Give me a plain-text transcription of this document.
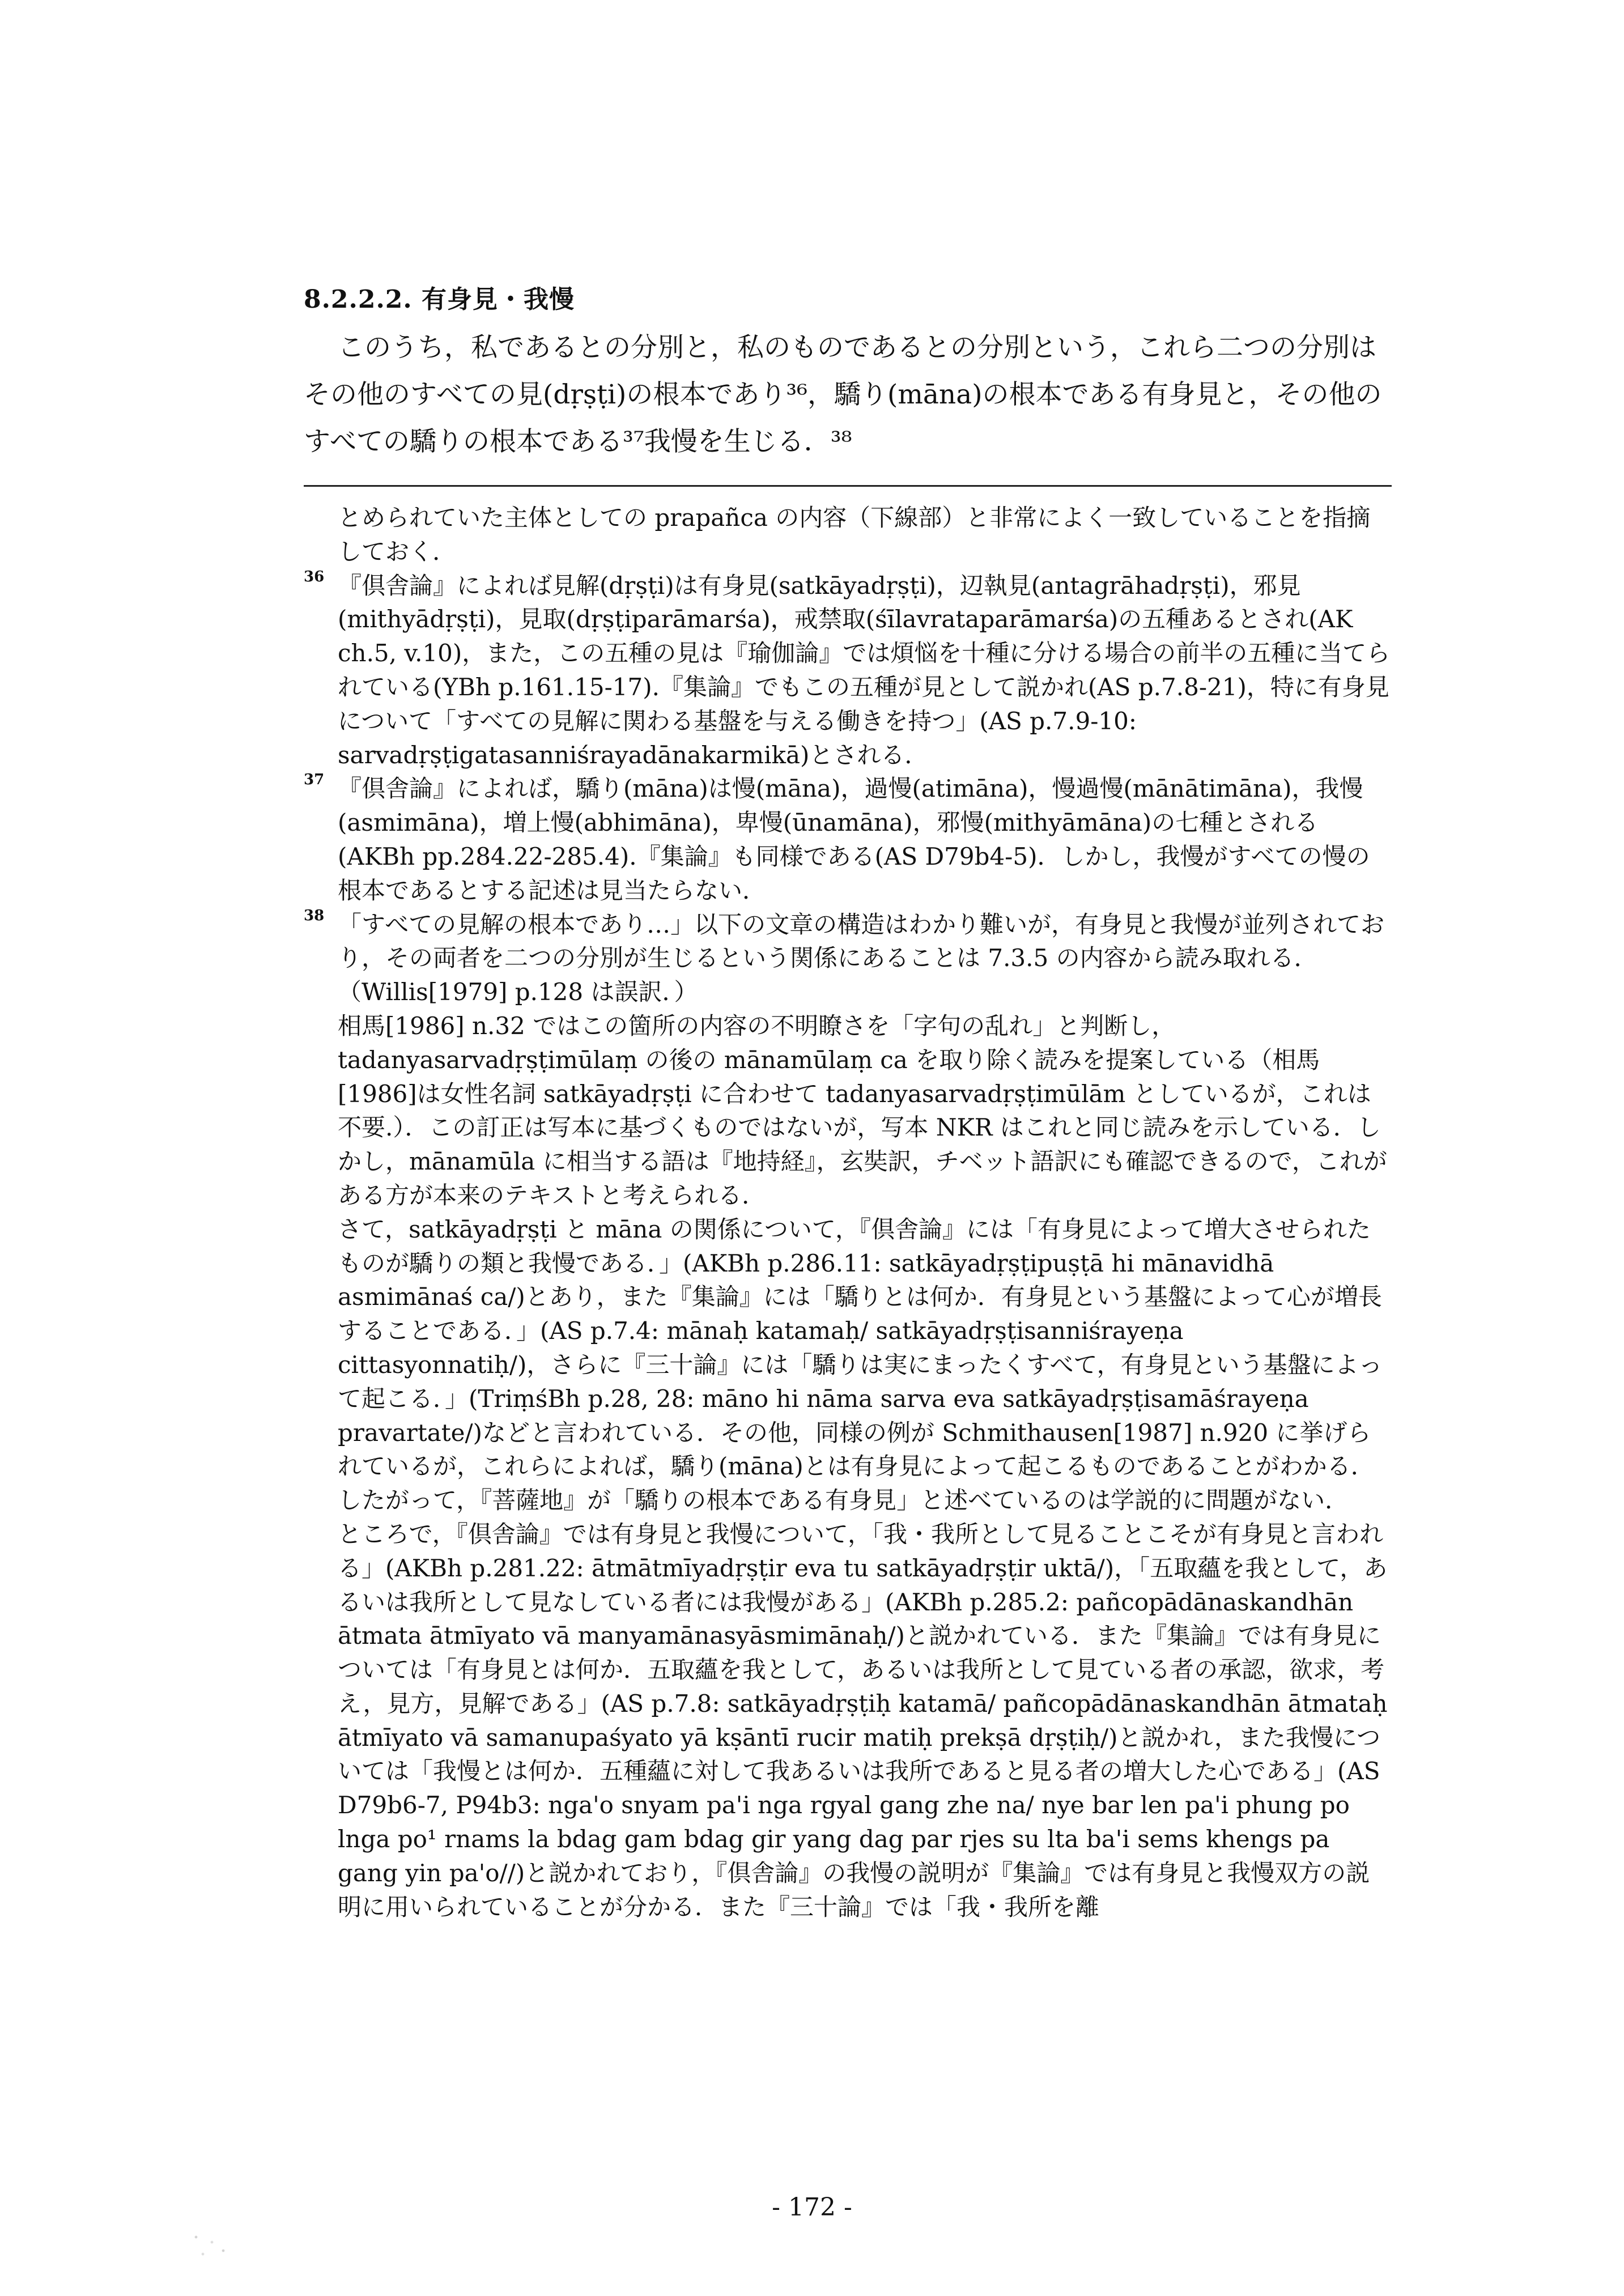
8.2.2.2. 有身見・我慢

このうち，私であるとの分別と，私のものであるとの分別という，これら二つの分別はその他のすべての見(dṛṣṭi)の根本であり³⁶，驕り(māna)の根本である有身見と，その他のすべての驕りの根本である³⁷我慢を生じる．³⁸

とめられていた主体としての prapañca の内容（下線部）と非常によく一致していることを指摘しておく．
36 『倶舎論』によれば見解(dṛṣṭi)は有身見(satkāyadṛṣṭi)，辺執見(antagrāhadṛṣṭi)，邪見(mithyādṛṣṭi)，見取(dṛṣṭiparāmarśa)，戒禁取(śīlavrataparāmarśa)の五種あるとされ(AK ch.5, v.10)，また，この五種の見は『瑜伽論』では煩悩を十種に分ける場合の前半の五種に当てられている(YBh p.161.15-17).『集論』でもこの五種が見として説かれ(AS p.7.8-21)，特に有身見について「すべての見解に関わる基盤を与える働きを持つ」(AS p.7.9-10: sarvadṛṣṭigatasanniśrayadānakarmikā)とされる．
37 『倶舎論』によれば，驕り(māna)は慢(māna)，過慢(atimāna)，慢過慢(mānātimāna)，我慢(asmimāna)，増上慢(abhimāna)，卑慢(ūnamāna)，邪慢(mithyāmāna)の七種とされる(AKBh pp.284.22-285.4).『集論』も同様である(AS D79b4-5)．しかし，我慢がすべての慢の根本であるとする記述は見当たらない．
38 「すべての見解の根本であり…」以下の文章の構造はわかり難いが，有身見と我慢が並列されており，その両者を二つの分別が生じるという関係にあることは 7.3.5 の内容から読み取れる．（Willis[1979] p.128 は誤訳．）
相馬[1986] n.32 ではこの箇所の内容の不明瞭さを「字句の乱れ」と判断し，tadanyasarvadṛṣṭimūlaṃ の後の mānamūlaṃ ca を取り除く読みを提案している（相馬[1986]は女性名詞 satkāyadṛṣṭi に合わせて tadanyasarvadṛṣṭimūlām としているが，これは不要.）．この訂正は写本に基づくものではないが，写本 NKR はこれと同じ読みを示している．しかし，mānamūla に相当する語は『地持経』，玄奘訳，チベット語訳にも確認できるので，これがある方が本来のテキストと考えられる．
さて，satkāyadṛṣṭi と māna の関係について，『倶舎論』には「有身見によって増大させられたものが驕りの類と我慢である．」(AKBh p.286.11: satkāyadṛṣṭipuṣṭā hi mānavidhā asmimānaś ca/)とあり，また『集論』には「驕りとは何か．有身見という基盤によって心が増長することである．」(AS p.7.4: mānaḥ katamaḥ/ satkāyadṛṣṭisanniśrayeṇa cittasyonnatiḥ/)，さらに『三十論』には「驕りは実にまったくすべて，有身見という基盤によって起こる．」(TriṃśBh p.28, 28: māno hi nāma sarva eva satkāyadṛṣṭisamāśrayeṇa pravartate/)などと言われている．その他，同様の例が Schmithausen[1987] n.920 に挙げられているが，これらによれば，驕り(māna)とは有身見によって起こるものであることがわかる．したがって，『菩薩地』が「驕りの根本である有身見」と述べているのは学説的に問題がない．
ところで，『倶舎論』では有身見と我慢について，「我・我所として見ることこそが有身見と言われる」(AKBh p.281.22: ātmātmīyadṛṣṭir eva tu satkāyadṛṣṭir uktā/)，「五取蘊を我として，あるいは我所として見なしている者には我慢がある」(AKBh p.285.2: pañcopādānaskandhān ātmata ātmīyato vā manyamānasyāsmimānaḥ/)と説かれている．また『集論』では有身見については「有身見とは何か．五取蘊を我として，あるいは我所として見ている者の承認，欲求，考え，見方，見解である」(AS p.7.8: satkāyadṛṣṭiḥ katamā/ pañcopādānaskandhān ātmataḥ ātmīyato vā samanupaśyato yā kṣāntī rucir matiḥ prekṣā dṛṣṭiḥ/)と説かれ，また我慢については「我慢とは何か．五種蘊に対して我あるいは我所であると見る者の増大した心である」(AS D79b6-7, P94b3: nga'o snyam pa'i nga rgyal gang zhe na/ nye bar len pa'i phung po lnga po¹ rnams la bdag gam bdag gir yang dag par rjes su lta ba'i sems khengs pa gang yin pa'o//)と説かれており，『倶舎論』の我慢の説明が『集論』では有身見と我慢双方の説明に用いられていることが分かる．また『三十論』では「我・我所を離
- 172 -
